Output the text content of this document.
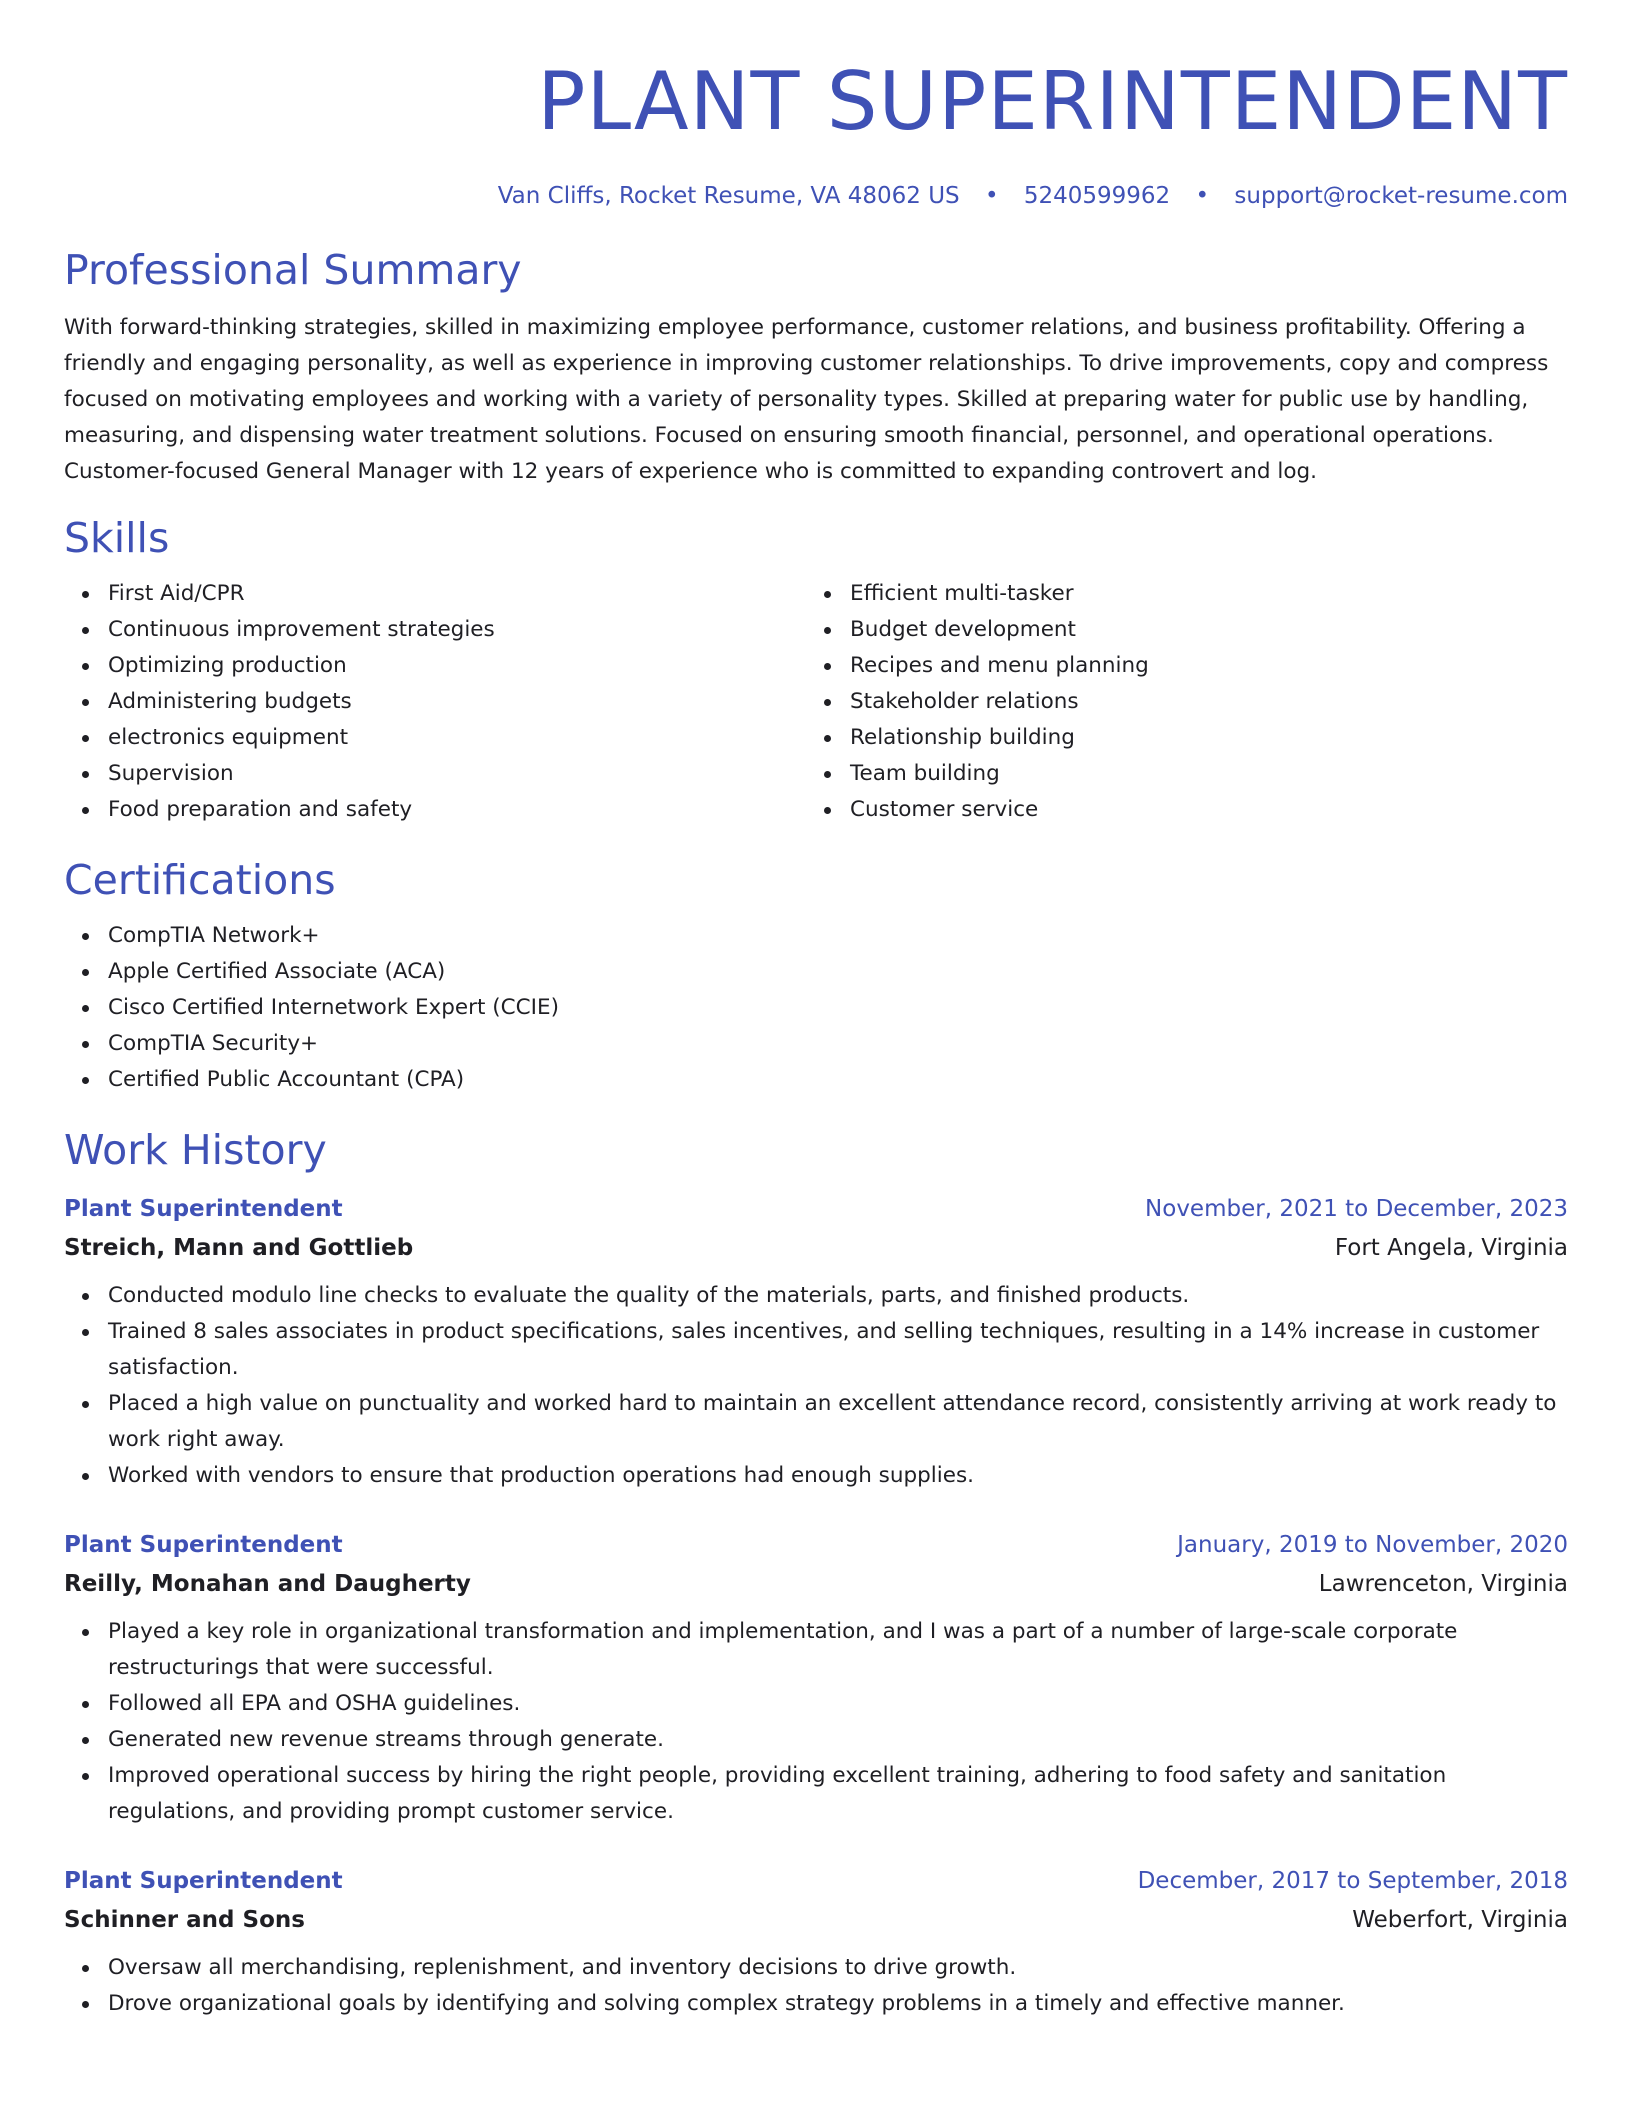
PLANT SUPERINTENDENT
Van Cliffs, Rocket Resume, VA 48062 US • 5240599962 • support@rocket-resume.com
Professional Summary

With forward-thinking strategies, skilled in maximizing employee performance, customer relations, and business profitability. Offering a
friendly and engaging personality, as well as experience in improving customer relationships. To drive improvements, copy and compress
focused on motivating employees and working with a variety of personality types. Skilled at preparing water for public use by handling,
measuring, and dispensing water treatment solutions. Focused on ensuring smooth financial, personnel, and operational operations.
Customer-focused General Manager with 12 years of experience who is committed to expanding controvert and log.

Skills
First Aid/CPR
Continuous improvement strategies
Optimizing production
Administering budgets
electronics equipment
Supervision
Food preparation and safety
Efficient multi-tasker
Budget development
Recipes and menu planning
Stakeholder relations
Relationship building
Team building
Customer service
Certifications
CompTIA Network+
Apple Certified Associate (ACA)
Cisco Certified Internetwork Expert (CCIE)
CompTIA Security+
Certified Public Accountant (CPA)
Work History
Plant Superintendent	November, 2021 to December, 2023
Streich, Mann and Gottlieb	Fort Angela, Virginia
Conducted modulo line checks to evaluate the quality of the materials, parts, and finished products.
Trained 8 sales associates in product specifications, sales incentives, and selling techniques, resulting in a 14% increase in customer satisfaction.
Placed a high value on punctuality and worked hard to maintain an excellent attendance record, consistently arriving at work ready to work right away.
Worked with vendors to ensure that production operations had enough supplies.
Plant Superintendent	January, 2019 to November, 2020
Reilly, Monahan and Daugherty	Lawrenceton, Virginia
Played a key role in organizational transformation and implementation, and I was a part of a number of large-scale corporate restructurings that were successful.
Followed all EPA and OSHA guidelines.
Generated new revenue streams through generate.
Improved operational success by hiring the right people, providing excellent training, adhering to food safety and sanitation regulations, and providing prompt customer service.
Plant Superintendent	December, 2017 to September, 2018
Schinner and Sons	Weberfort, Virginia
Oversaw all merchandising, replenishment, and inventory decisions to drive growth.
Drove organizational goals by identifying and solving complex strategy problems in a timely and effective manner.
